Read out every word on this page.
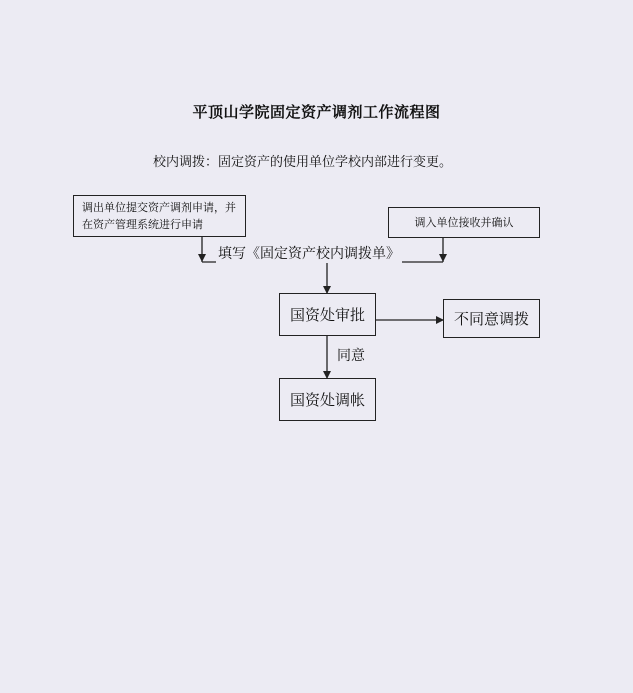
平顶山学院固定资产调剂工作流程图
校内调拨：固定资产的使用单位学校内部进行变更。
调出单位提交资产调剂申请，并在资产管理系统进行申请	调入单位接收并确认
填写《固定资产校内调拨单》
国资处审批	不同意调拨
同意
国资处调帐
